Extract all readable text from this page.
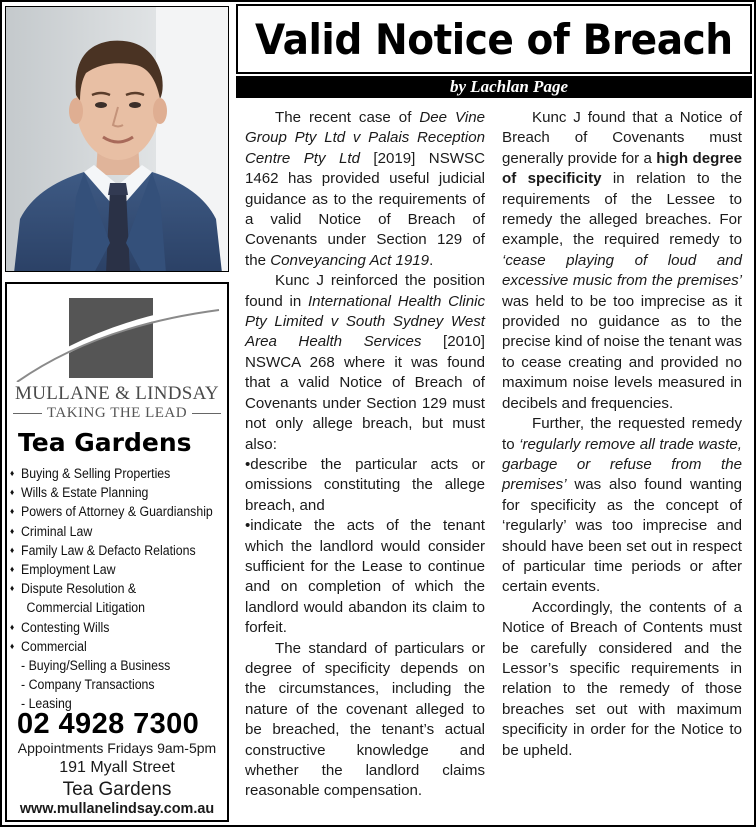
MULLANE & LINDSAY
TAKING THE LEAD
Tea Gardens
♦ Buying & Selling Properties
♦ Wills & Estate Planning
♦ Powers of Attorney & Guardianship
♦ Criminal Law
♦ Family Law & Defacto Relations
♦ Employment Law
♦ Dispute Resolution &
Commercial Litigation
♦ Contesting Wills
♦ Commercial
- Buying/Selling a Business
- Company Transactions
- Leasing
02 4928 7300
Appointments Fridays 9am-5pm
191 Myall Street
Tea Gardens
www.mullanelindsay.com.au
Valid Notice of Breach
by Lachlan Page

The recent case of Dee Vine Group Pty Ltd v Palais Reception Centre Pty Ltd [2019] NSWSC 1462 has provided useful judicial guidance as to the requirements of a valid Notice of Breach of Covenants under Section 129 of the Conveyancing Act 1919.

Kunc J reinforced the position found in International Health Clinic Pty Limited v South Sydney West Area Health Services [2010] NSWCA 268 where it was found that a valid Notice of Breach of Covenants under Section 129 must not only allege breach, but must also:

•describe the particular acts or omissions constituting the allege breach, and

•indicate the acts of the tenant which the landlord would consider sufficient for the Lease to continue and on completion of which the landlord would abandon its claim to forfeit.

The standard of particulars or degree of specificity depends on the circumstances, including the nature of the covenant alleged to be breached, the tenant’s actual constructive knowledge and whether the landlord claims reasonable compensation.

Kunc J found that a Notice of Breach of Covenants must generally provide for a high degree of specificity in relation to the requirements of the Lessee to remedy the alleged breaches. For example, the required remedy to ‘cease playing of loud and excessive music from the premises’ was held to be too imprecise as it provided no guidance as to the precise kind of noise the tenant was to cease creating and provided no maximum noise levels measured in decibels and frequencies.

Further, the requested remedy to ‘regularly remove all trade waste, garbage or refuse from the premises’ was also found wanting for specificity as the concept of ‘regularly’ was too imprecise and should have been set out in respect of particular time periods or after certain events.

Accordingly, the contents of a Notice of Breach of Contents must be carefully considered and the Lessor’s specific requirements in relation to the remedy of those breaches set out with maximum specificity in order for the Notice to be upheld.
